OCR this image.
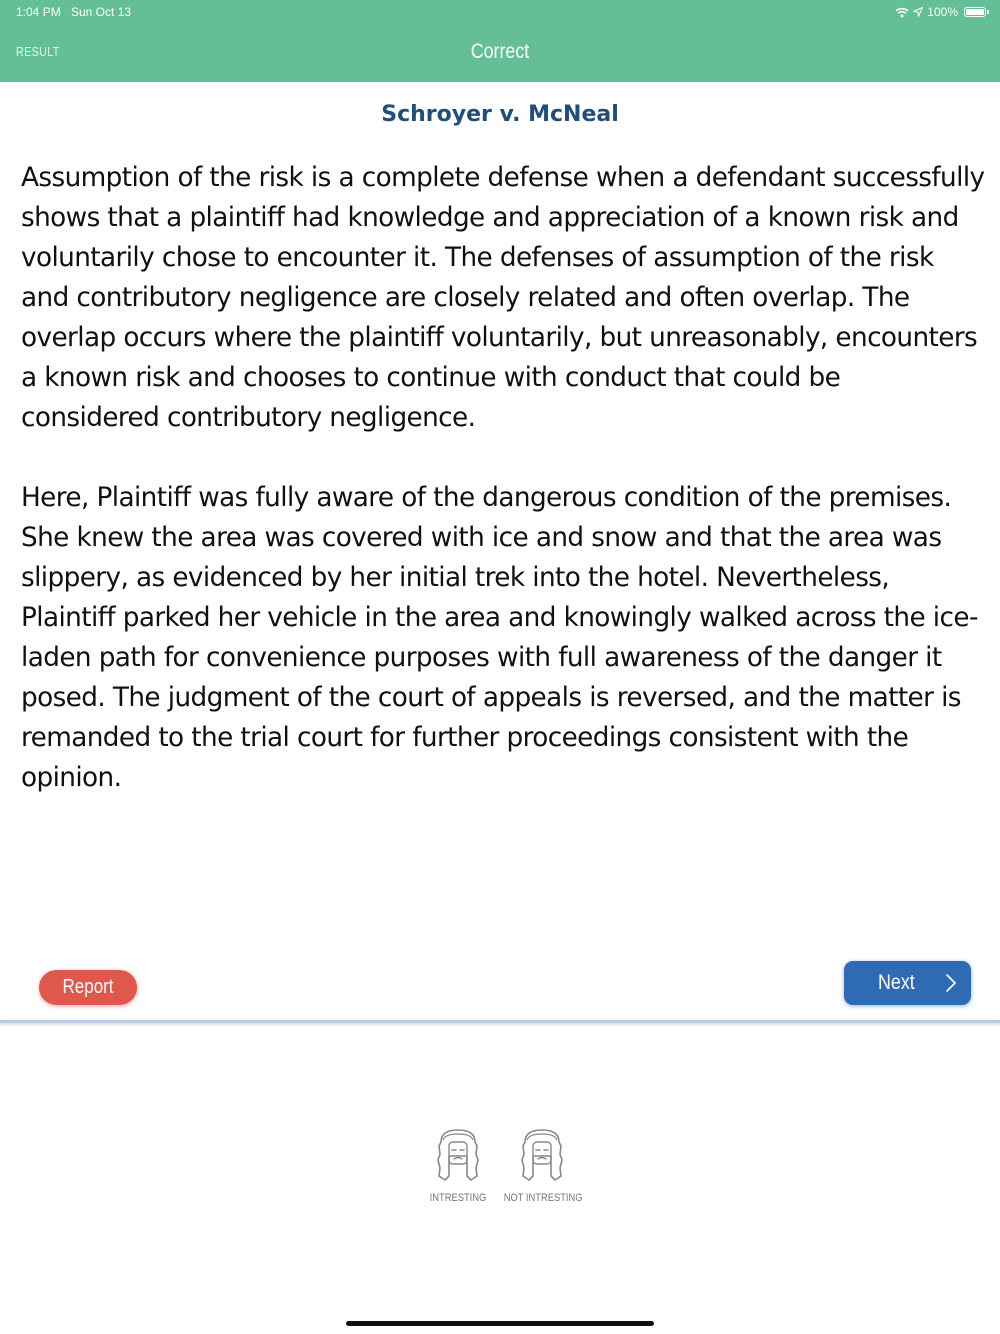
1:04 PM Sun Oct 13	100%
RESULT	Correct
Schroyer v. McNeal

Assumption of the risk is a complete defense when a defendant successfully shows that a plaintiff had knowledge and appreciation of a known risk and voluntarily chose to encounter it. The defenses of assumption of the risk and contributory negligence are closely related and often overlap. The overlap occurs where the plaintiff voluntarily, but unreasonably, encounters a known risk and chooses to continue with conduct that could be considered contributory negligence.

Here, Plaintiff was fully aware of the dangerous condition of the premises. She knew the area was covered with ice and snow and that the area was slippery, as evidenced by her initial trek into the hotel. Nevertheless, Plaintiff parked her vehicle in the area and knowingly walked across the ice-laden path for convenience purposes with full awareness of the danger it posed. The judgment of the court of appeals is reversed, and the matter is remanded to the trial court for further proceedings consistent with the opinion.

Report	Next
INTRESTING	NOT INTRESTING
